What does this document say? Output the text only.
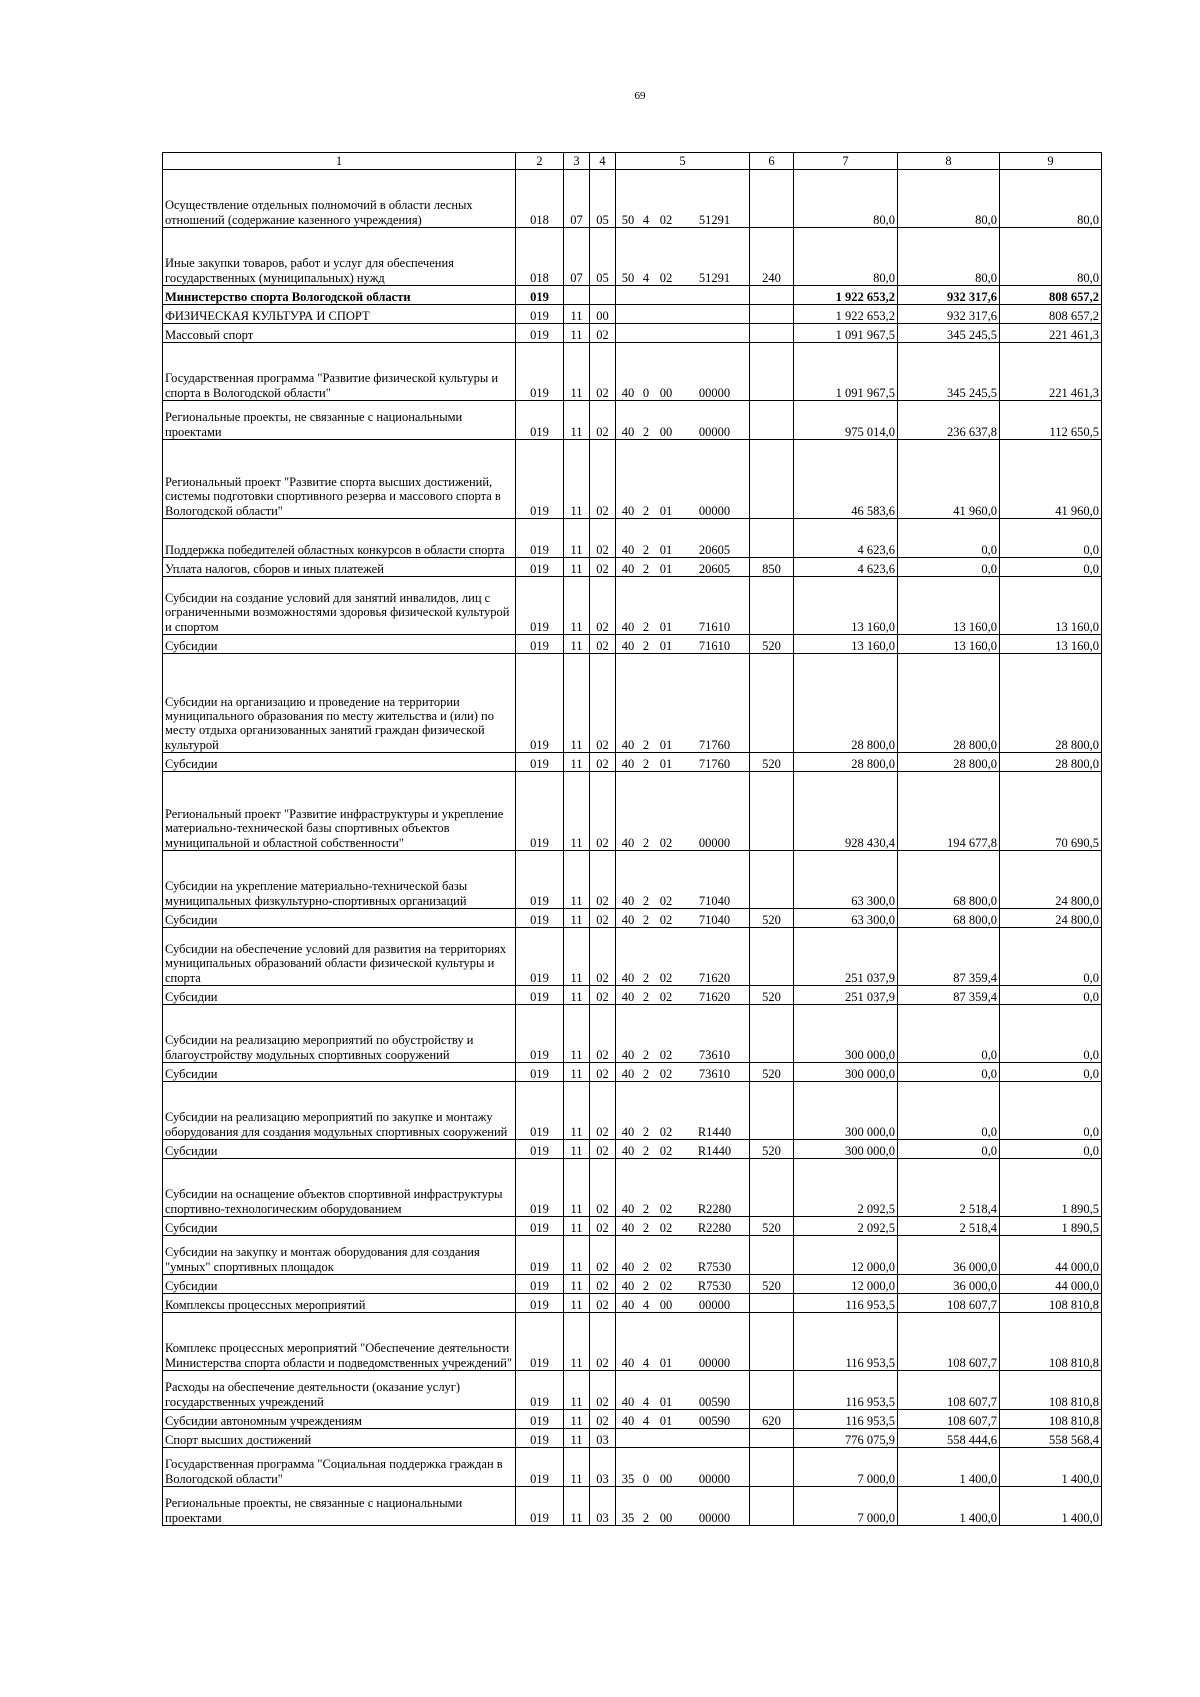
69
1	2	3	4	5	6	7	8	9
Осуществление отдельных полномочий в области лесных отношений (содержание казенного учреждения)	018	07	05	50 4 02 51291		80,0	80,0	80,0
Иные закупки товаров, работ и услуг для обеспечения государственных (муниципальных) нужд	018	07	05	50 4 02 51291	240	80,0	80,0	80,0
Министерство спорта Вологодской области	019					1 922 653,2	932 317,6	808 657,2
ФИЗИЧЕСКАЯ КУЛЬТУРА И СПОРТ	019	11	00			1 922 653,2	932 317,6	808 657,2
Массовый спорт	019	11	02			1 091 967,5	345 245,5	221 461,3
Государственная программа "Развитие физической культуры и спорта в Вологодской области"	019	11	02	40 0 00 00000		1 091 967,5	345 245,5	221 461,3
Региональные проекты, не связанные с национальными проектами	019	11	02	40 2 00 00000		975 014,0	236 637,8	112 650,5
Региональный проект "Развитие спорта высших достижений, системы подготовки спортивного резерва и массового спорта в Вологодской области"	019	11	02	40 2 01 00000		46 583,6	41 960,0	41 960,0
Поддержка победителей областных конкурсов в области спорта	019	11	02	40 2 01 20605		4 623,6	0,0	0,0
Уплата налогов, сборов и иных платежей	019	11	02	40 2 01 20605	850	4 623,6	0,0	0,0
Субсидии на создание условий для занятий инвалидов, лиц с ограниченными возможностями здоровья физической культурой и спортом	019	11	02	40 2 01 71610		13 160,0	13 160,0	13 160,0
Субсидии	019	11	02	40 2 01 71610	520	13 160,0	13 160,0	13 160,0
Субсидии на организацию и проведение на территории муниципального образования по месту жительства и (или) по месту отдыха организованных занятий граждан физической культурой	019	11	02	40 2 01 71760		28 800,0	28 800,0	28 800,0
Субсидии	019	11	02	40 2 01 71760	520	28 800,0	28 800,0	28 800,0
Региональный проект "Развитие инфраструктуры и укрепление материально-технической базы спортивных объектов муниципальной и областной собственности"	019	11	02	40 2 02 00000		928 430,4	194 677,8	70 690,5
Субсидии на укрепление материально-технической базы муниципальных физкультурно-спортивных организаций	019	11	02	40 2 02 71040		63 300,0	68 800,0	24 800,0
Субсидии	019	11	02	40 2 02 71040	520	63 300,0	68 800,0	24 800,0
Субсидии на обеспечение условий для развития на территориях муниципальных образований области физической культуры и спорта	019	11	02	40 2 02 71620		251 037,9	87 359,4	0,0
Субсидии	019	11	02	40 2 02 71620	520	251 037,9	87 359,4	0,0
Субсидии на реализацию мероприятий по обустройству и благоустройству модульных спортивных сооружений	019	11	02	40 2 02 73610		300 000,0	0,0	0,0
Субсидии	019	11	02	40 2 02 73610	520	300 000,0	0,0	0,0
Субсидии на реализацию мероприятий по закупке и монтажу оборудования для создания модульных спортивных сооружений	019	11	02	40 2 02 R1440		300 000,0	0,0	0,0
Субсидии	019	11	02	40 2 02 R1440	520	300 000,0	0,0	0,0
Субсидии на оснащение объектов спортивной инфраструктуры спортивно-технологическим оборудованием	019	11	02	40 2 02 R2280		2 092,5	2 518,4	1 890,5
Субсидии	019	11	02	40 2 02 R2280	520	2 092,5	2 518,4	1 890,5
Субсидии на закупку и монтаж оборудования для создания "умных" спортивных площадок	019	11	02	40 2 02 R7530		12 000,0	36 000,0	44 000,0
Субсидии	019	11	02	40 2 02 R7530	520	12 000,0	36 000,0	44 000,0
Комплексы процессных мероприятий	019	11	02	40 4 00 00000		116 953,5	108 607,7	108 810,8
Комплекс процессных мероприятий "Обеспечение деятельности Министерства спорта области и подведомственных учреждений"	019	11	02	40 4 01 00000		116 953,5	108 607,7	108 810,8
Расходы на обеспечение деятельности (оказание услуг) государственных учреждений	019	11	02	40 4 01 00590		116 953,5	108 607,7	108 810,8
Субсидии автономным учреждениям	019	11	02	40 4 01 00590	620	116 953,5	108 607,7	108 810,8
Спорт высших достижений	019	11	03			776 075,9	558 444,6	558 568,4
Государственная программа "Социальная поддержка граждан в Вологодской области"	019	11	03	35 0 00 00000		7 000,0	1 400,0	1 400,0
Региональные проекты, не связанные с национальными проектами	019	11	03	35 2 00 00000		7 000,0	1 400,0	1 400,0
